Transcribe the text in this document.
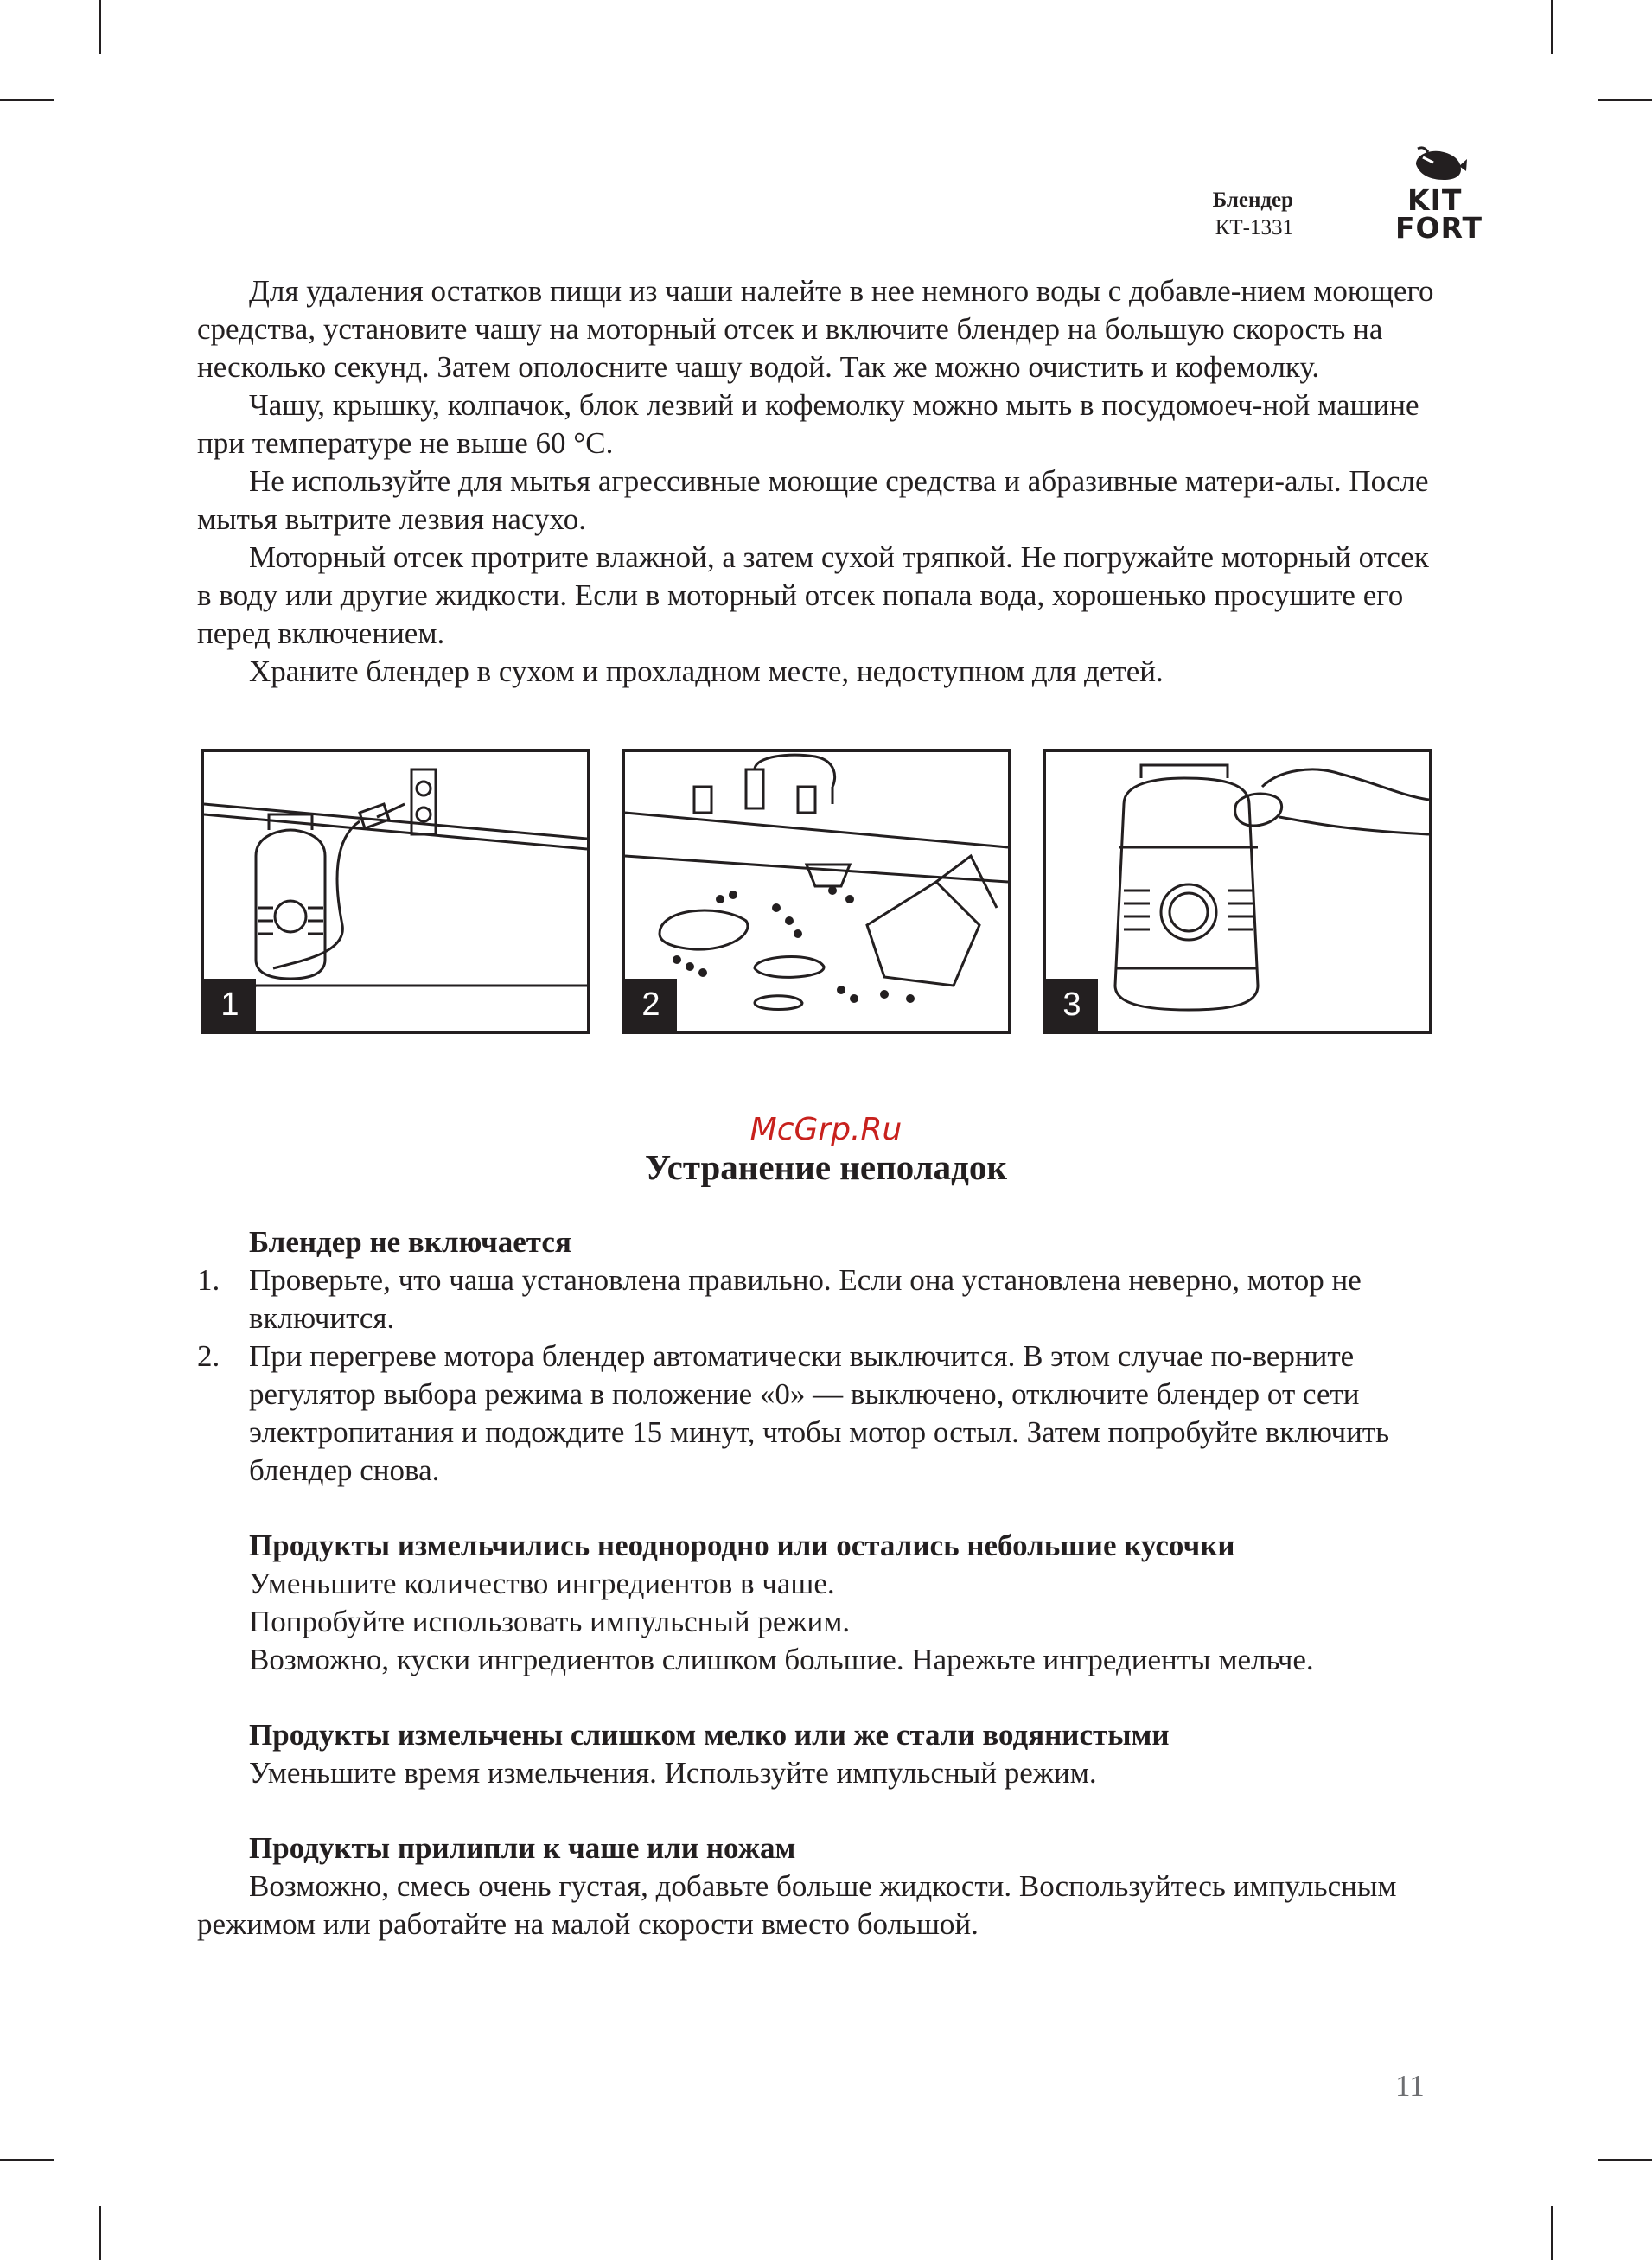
Блендер
КТ-1331
KIT
FORT

Для удаления остатков пищи из чаши налейте в нее немного воды с добавле-нием моющего средства, установите чашу на моторный отсек и включите блендер на большую скорость на несколько секунд. Затем ополосните чашу водой. Так же можно очистить и кофемолку.

Чашу, крышку, колпачок, блок лезвий и кофемолку можно мыть в посудомоеч-ной машине при температуре не выше 60 °С.

Не используйте для мытья агрессивные моющие средства и абразивные матери-алы. После мытья вытрите лезвия насухо.

Моторный отсек протрите влажной, а затем сухой тряпкой. Не погружайте моторный отсек в воду или другие жидкости. Если в моторный отсек попала вода, хорошенько просушите его перед включением.

Храните блендер в сухом и прохладном месте, недоступном для детей.

1	2	3
McGrp.Ru
Устранение неполадок
Блендер не включается
1. Проверьте, что чаша установлена правильно. Если она установлена неверно, мотор не включится.
2. При перегреве мотора блендер автоматически выключится. В этом случае по-верните регулятор выбора режима в положение «0» — выключено, отключите блендер от сети электропитания и подождите 15 минут, чтобы мотор остыл. Затем попробуйте включить блендер снова.
Продукты измельчились неоднородно или остались небольшие кусочки
Уменьшите количество ингредиентов в чаше.
Попробуйте использовать импульсный режим.
Возможно, куски ингредиентов слишком большие. Нарежьте ингредиенты мельче.
Продукты измельчены слишком мелко или же стали водянистыми
Уменьшите время измельчения. Используйте импульсный режим.
Продукты прилипли к чаше или ножам

Возможно, смесь очень густая, добавьте больше жидкости. Воспользуйтесь импульсным режимом или работайте на малой скорости вместо большой.

11
